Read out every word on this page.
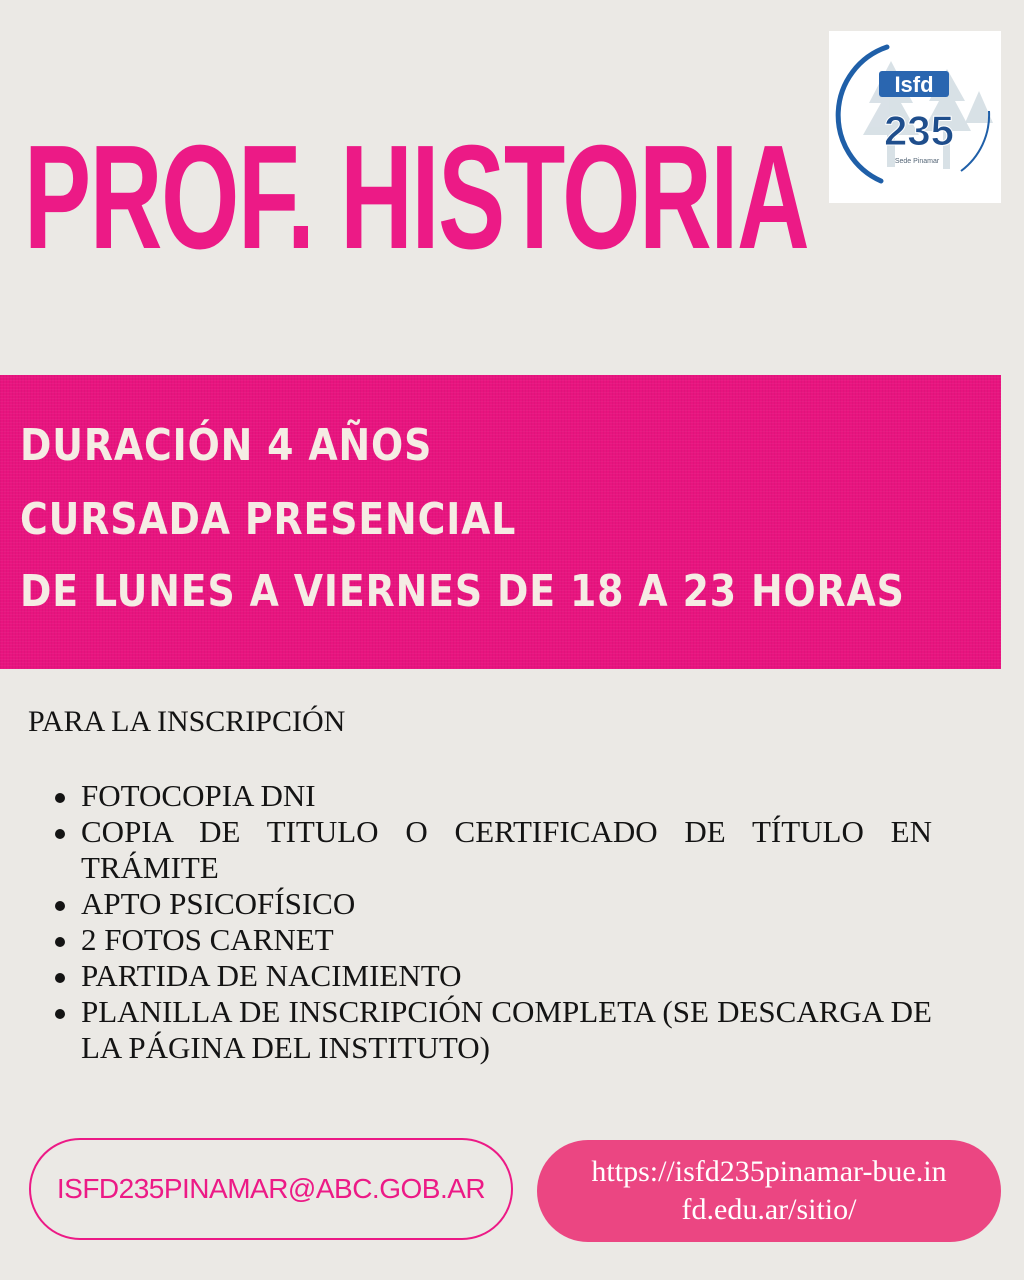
PROF. HISTORIA
Isfd
235
Sede Pinamar
DURACIÓN 4 AÑOS
CURSADA PRESENCIAL
DE LUNES A VIERNES DE 18 A 23 HORAS
PARA LA INSCRIPCIÓN
FOTOCOPIA DNI
COPIA DE TITULO O CERTIFICADO DE TÍTULO EN TRÁMITE
APTO PSICOFÍSICO
2 FOTOS CARNET
PARTIDA DE NACIMIENTO
PLANILLA DE INSCRIPCIÓN COMPLETA (SE DESCARGA DE LA PÁGINA DEL INSTITUTO)
ISFD235PINAMAR@ABC.GOB.AR
https://isfd235pinamar-bue.infd.edu.ar/sitio/
